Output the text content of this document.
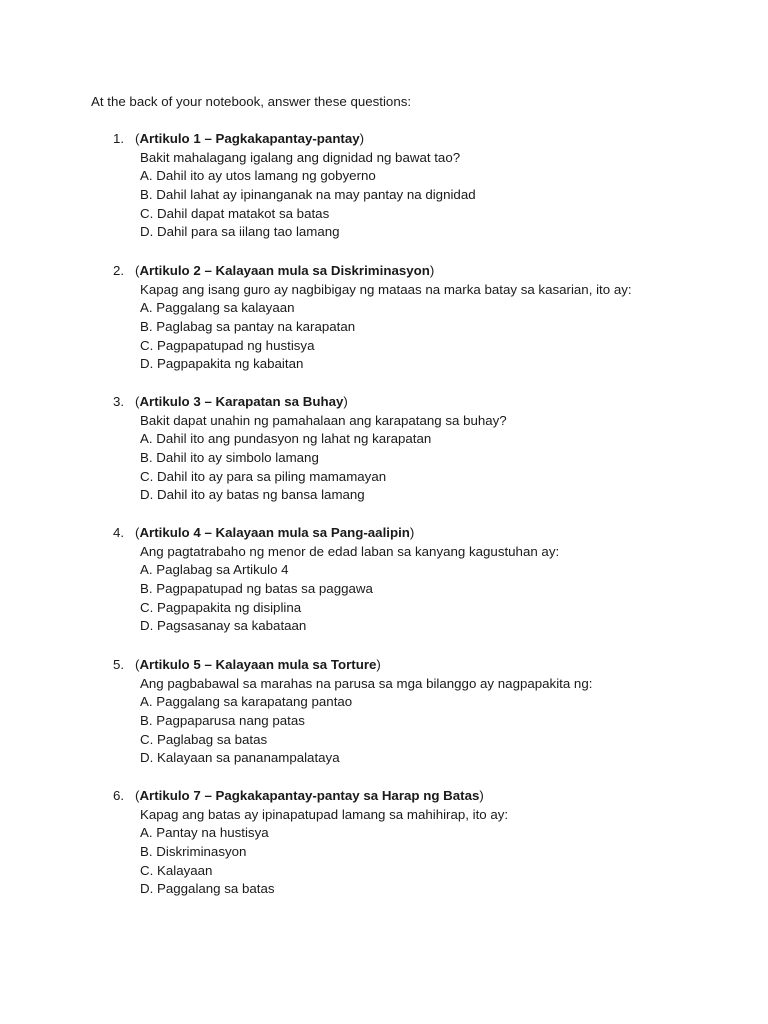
At the back of your notebook, answer these questions:
1. (Artikulo 1 – Pagkakapantay-pantay)
Bakit mahalagang igalang ang dignidad ng bawat tao?
A. Dahil ito ay utos lamang ng gobyerno
B. Dahil lahat ay ipinanganak na may pantay na dignidad
C. Dahil dapat matakot sa batas
D. Dahil para sa iilang tao lamang
2. (Artikulo 2 – Kalayaan mula sa Diskriminasyon)
Kapag ang isang guro ay nagbibigay ng mataas na marka batay sa kasarian, ito ay:
A. Paggalang sa kalayaan
B. Paglabag sa pantay na karapatan
C. Pagpapatupad ng hustisya
D. Pagpapakita ng kabaitan
3. (Artikulo 3 – Karapatan sa Buhay)
Bakit dapat unahin ng pamahalaan ang karapatang sa buhay?
A. Dahil ito ang pundasyon ng lahat ng karapatan
B. Dahil ito ay simbolo lamang
C. Dahil ito ay para sa piling mamamayan
D. Dahil ito ay batas ng bansa lamang
4. (Artikulo 4 – Kalayaan mula sa Pang-aalipin)
Ang pagtatrabaho ng menor de edad laban sa kanyang kagustuhan ay:
A. Paglabag sa Artikulo 4
B. Pagpapatupad ng batas sa paggawa
C. Pagpapakita ng disiplina
D. Pagsasanay sa kabataan
5. (Artikulo 5 – Kalayaan mula sa Torture)
Ang pagbabawal sa marahas na parusa sa mga bilanggo ay nagpapakita ng:
A. Paggalang sa karapatang pantao
B. Pagpaparusa nang patas
C. Paglabag sa batas
D. Kalayaan sa pananampalataya
6. (Artikulo 7 – Pagkakapantay-pantay sa Harap ng Batas)
Kapag ang batas ay ipinapatupad lamang sa mahihirap, ito ay:
A. Pantay na hustisya
B. Diskriminasyon
C. Kalayaan
D. Paggalang sa batas
